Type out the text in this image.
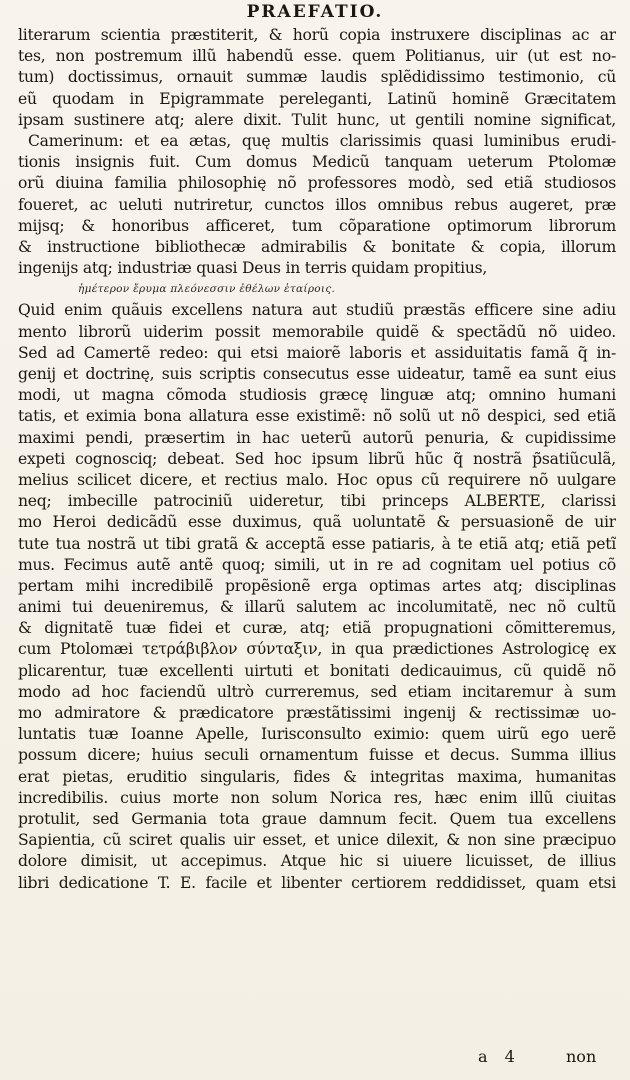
PRAEFATIO.
literarum scientia præstiterit, & horũ copia instruxere disciplinas ac ar
tes, non postremum illũ habendũ esse. quem Politianus, uir (ut est no-
tum) doctissimus, ornauit summæ laudis splẽdidissimo testimonio, cũ
eũ quodam in Epigrammate pereleganti, Latinũ hominẽ Græcitatem
ipsam sustinere atq; alere dixit. Tulit hunc, ut gentili nomine significat,
Camerinum: et ea ætas, quę multis clarissimis quasi luminibus erudi-
tionis insignis fuit. Cum domus Medicũ tanquam ueterum Ptolomæ
orũ diuina familia philosophię nõ professores modò, sed etiã studiosos
foueret, ac ueluti nutriretur, cunctos illos omnibus rebus augeret, præ
mijsq; & honoribus afficeret, tum cõparatione optimorum librorum
& instructione bibliothecæ admirabilis & bonitate & copia, illorum
ingenijs atq; industriæ quasi Deus in terris quidam propitius,
ἡμέτερον ἔρυμα πλεόνεσσιν ἐθέλων ἑταίροις.
Quid enim quãuis excellens natura aut studiũ præstãs efficere sine adiu
mento librorũ uiderim possit memorabile quidẽ & spectãdũ nõ uideo.
Sed ad Camertẽ redeo: qui etsi maiorẽ laboris et assiduitatis famã q̃ in-
genij et doctrinę, suis scriptis consecutus esse uideatur, tamẽ ea sunt eius
modi, ut magna cõmoda studiosis græcę linguæ atq; omnino humani
tatis, et eximia bona allatura esse existimẽ: nõ solũ ut nõ despici, sed etiã
maximi pendi, præsertim in hac ueterũ autorũ penuria, & cupidissime
expeti cognosciq; debeat. Sed hoc ipsum librũ hũc q̃ nostrã p̃satiũculã,
melius scilicet dicere, et rectius malo. Hoc opus cũ requirere nõ uulgare
neq; imbecille patrociniũ uideretur, tibi princeps ALBERTE, clarissi
mo Heroi dedicãdũ esse duximus, quã uoluntatẽ & persuasionẽ de uir
tute tua nostrã ut tibi gratã & acceptã esse patiaris, à te etiã atq; etiã petĩ
mus. Fecimus autẽ antẽ quoq; simili, ut in re ad cognitam uel potius cõ
pertam mihi incredibilẽ propẽsionẽ erga optimas artes atq; disciplinas
animi tui deueniremus, & illarũ salutem ac incolumitatẽ, nec nõ cultũ
& dignitatẽ tuæ fidei et curæ, atq; etiã propugnationi cõmitteremus,
cum Ptolomæi τετράβιβλον σύνταξιν, in qua prædictiones Astrologicę ex
plicarentur, tuæ excellenti uirtuti et bonitati dedicauimus, cũ quidẽ nõ
modo ad hoc faciendũ ultrò curreremus, sed etiam incitaremur à sum
mo admiratore & prædicatore præstãtissimi ingenij & rectissimæ uo-
luntatis tuæ Ioanne Apelle, Iurisconsulto eximio: quem uirũ ego uerẽ
possum dicere; huius seculi ornamentum fuisse et decus. Summa illius
erat pietas, eruditio singularis, fides & integritas maxima, humanitas
incredibilis. cuius morte non solum Norica res, hæc enim illũ ciuitas
protulit, sed Germania tota graue damnum fecit. Quem tua excellens
Sapientia, cũ sciret qualis uir esset, et unice dilexit, & non sine præcipuo
dolore dimisit, ut accepimus. Atque hic si uiuere licuisset, de illius
libri dedicatione T. E. facile et libenter certiorem reddidisset, quam etsi
a 4	non
